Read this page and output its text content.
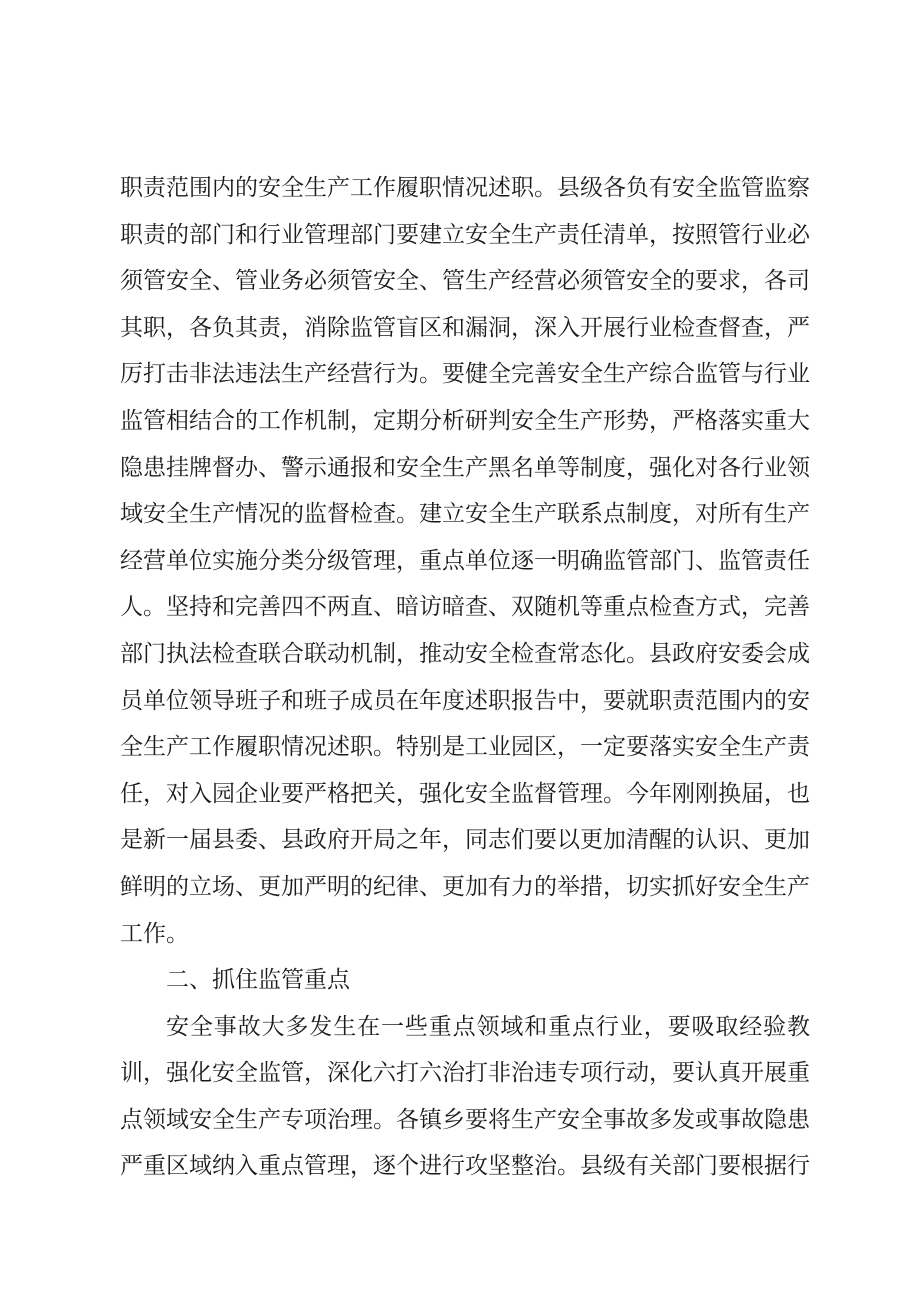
职责范围内的安全生产工作履职情况述职。县级各负有安全监管监察
职责的部门和行业管理部门要建立安全生产责任清单，按照管行业必
须管安全、管业务必须管安全、管生产经营必须管安全的要求，各司
其职，各负其责，消除监管盲区和漏洞，深入开展行业检查督查，严
厉打击非法违法生产经营行为。要健全完善安全生产综合监管与行业
监管相结合的工作机制，定期分析研判安全生产形势，严格落实重大
隐患挂牌督办、警示通报和安全生产黑名单等制度，强化对各行业领
域安全生产情况的监督检查。建立安全生产联系点制度，对所有生产
经营单位实施分类分级管理，重点单位逐一明确监管部门、监管责任
人。坚持和完善四不两直、暗访暗查、双随机等重点检查方式，完善
部门执法检查联合联动机制，推动安全检查常态化。县政府安委会成
员单位领导班子和班子成员在年度述职报告中，要就职责范围内的安
全生产工作履职情况述职。特别是工业园区，一定要落实安全生产责
任，对入园企业要严格把关，强化安全监督管理。今年刚刚换届，也
是新一届县委、县政府开局之年，同志们要以更加清醒的认识、更加
鲜明的立场、更加严明的纪律、更加有力的举措，切实抓好安全生产
工作。
二、抓住监管重点
安全事故大多发生在一些重点领域和重点行业，要吸取经验教
训，强化安全监管，深化六打六治打非治违专项行动，要认真开展重
点领域安全生产专项治理。各镇乡要将生产安全事故多发或事故隐患
严重区域纳入重点管理，逐个进行攻坚整治。县级有关部门要根据行
